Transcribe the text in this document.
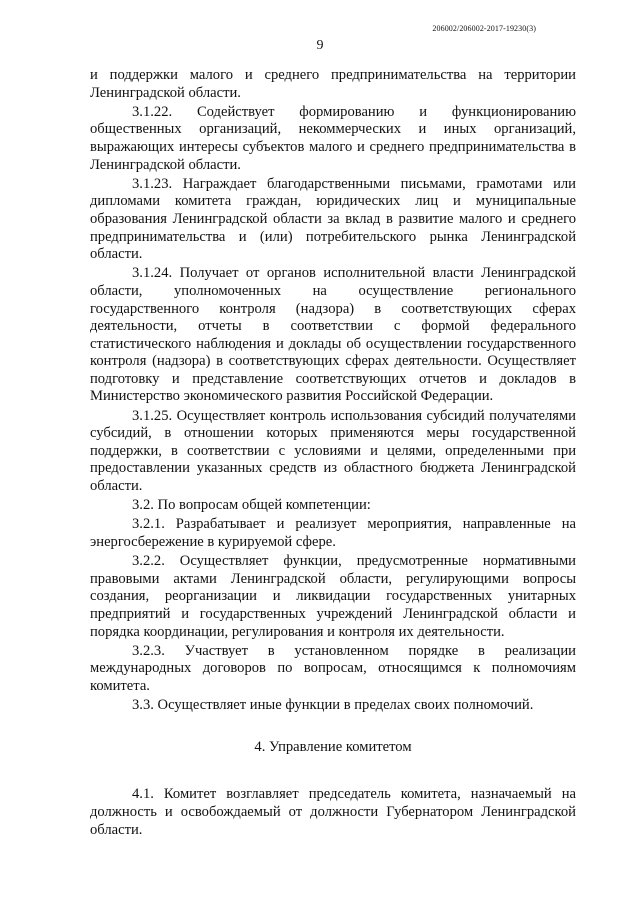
206002/206002-2017-19230(3)
9

и поддержки малого и среднего предпринимательства на территории Ленинградской области.

3.1.22. Содействует формированию и функционированию общественных организаций, некоммерческих и иных организаций, выражающих интересы субъектов малого и среднего предпринимательства в Ленинградской области.

3.1.23. Награждает благодарственными письмами, грамотами или дипломами комитета граждан, юридических лиц и муниципальные образования Ленинградской области за вклад в развитие малого и среднего предпринимательства и (или) потребительского рынка Ленинградской области.

3.1.24. Получает от органов исполнительной власти Ленинградской области, уполномоченных на осуществление регионального государственного контроля (надзора) в соответствующих сферах деятельности, отчеты в соответствии с формой федерального статистического наблюдения и доклады об осуществлении государственного контроля (надзора) в соответствующих сферах деятельности. Осуществляет подготовку и представление соответствующих отчетов и докладов в Министерство экономического развития Российской Федерации.

3.1.25. Осуществляет контроль использования субсидий получателями субсидий, в отношении которых применяются меры государственной поддержки, в соответствии с условиями и целями, определенными при предоставлении указанных средств из областного бюджета Ленинградской области.

3.2. По вопросам общей компетенции:

3.2.1. Разрабатывает и реализует мероприятия, направленные на энергосбережение в курируемой сфере.

3.2.2. Осуществляет функции, предусмотренные нормативными правовыми актами Ленинградской области, регулирующими вопросы создания, реорганизации и ликвидации государственных унитарных предприятий и государственных учреждений Ленинградской области и порядка координации, регулирования и контроля их деятельности.

3.2.3. Участвует в установленном порядке в реализации международных договоров по вопросам, относящимся к полномочиям комитета.

3.3. Осуществляет иные функции в пределах своих полномочий.

4. Управление комитетом

4.1. Комитет возглавляет председатель комитета, назначаемый на должность и освобождаемый от должности Губернатором Ленинградской области.
